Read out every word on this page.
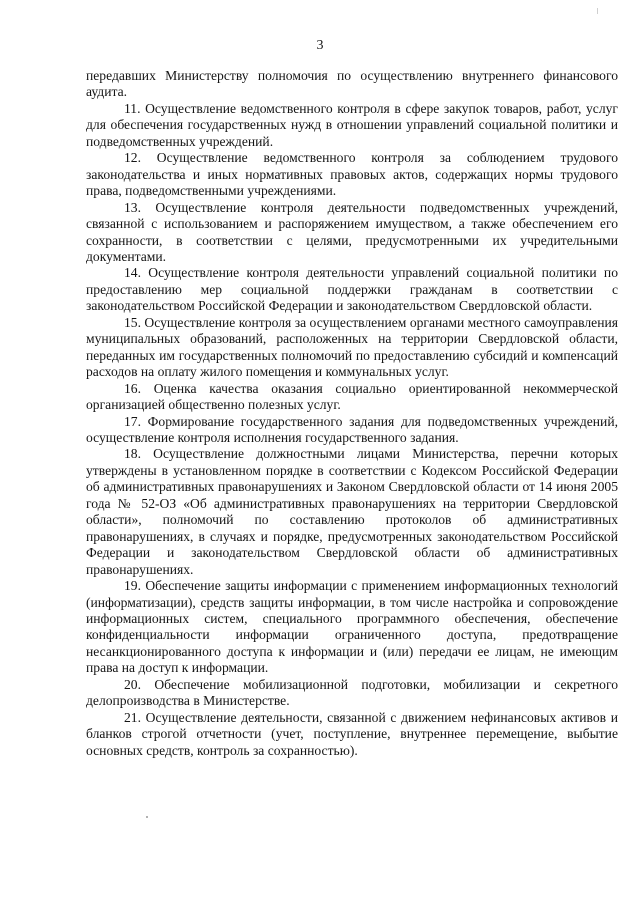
3

передавших Министерству полномочия по осуществлению внутреннего финансового аудита.

11. Осуществление ведомственного контроля в сфере закупок товаров, работ, услуг для обеспечения государственных нужд в отношении управлений социальной политики и подведомственных учреждений.

12. Осуществление ведомственного контроля за соблюдением трудового законодательства и иных нормативных правовых актов, содержащих нормы трудового права, подведомственными учреждениями.

13. Осуществление контроля деятельности подведомственных учреждений, связанной с использованием и распоряжением имуществом, а также обеспечением его сохранности, в соответствии с целями, предусмотренными их учредительными документами.

14. Осуществление контроля деятельности управлений социальной политики по предоставлению мер социальной поддержки гражданам в соответствии с законодательством Российской Федерации и законодательством Свердловской области.

15. Осуществление контроля за осуществлением органами местного самоуправления муниципальных образований, расположенных на территории Свердловской области, переданных им государственных полномочий по предоставлению субсидий и компенсаций расходов на оплату жилого помещения и коммунальных услуг.

16. Оценка качества оказания социально ориентированной некоммерческой организацией общественно полезных услуг.

17. Формирование государственного задания для подведомственных учреждений, осуществление контроля исполнения государственного задания.

18. Осуществление должностными лицами Министерства, перечни которых утверждены в установленном порядке в соответствии с Кодексом Российской Федерации об административных правонарушениях и Законом Свердловской области от 14 июня 2005 года № 52-ОЗ «Об административных правонарушениях на территории Свердловской области», полномочий по составлению протоколов об административных правонарушениях, в случаях и порядке, предусмотренных законодательством Российской Федерации и законодательством Свердловской области об административных правонарушениях.

19. Обеспечение защиты информации с применением информационных технологий (информатизации), средств защиты информации, в том числе настройка и сопровождение информационных систем, специального программного обеспечения, обеспечение конфиденциальности информации ограниченного доступа, предотвращение несанкционированного доступа к информации и (или) передачи ее лицам, не имеющим права на доступ к информации.

20. Обеспечение мобилизационной подготовки, мобилизации и секретного делопроизводства в Министерстве.

21. Осуществление деятельности, связанной с движением нефинансовых активов и бланков строгой отчетности (учет, поступление, внутреннее перемещение, выбытие основных средств, контроль за сохранностью).
